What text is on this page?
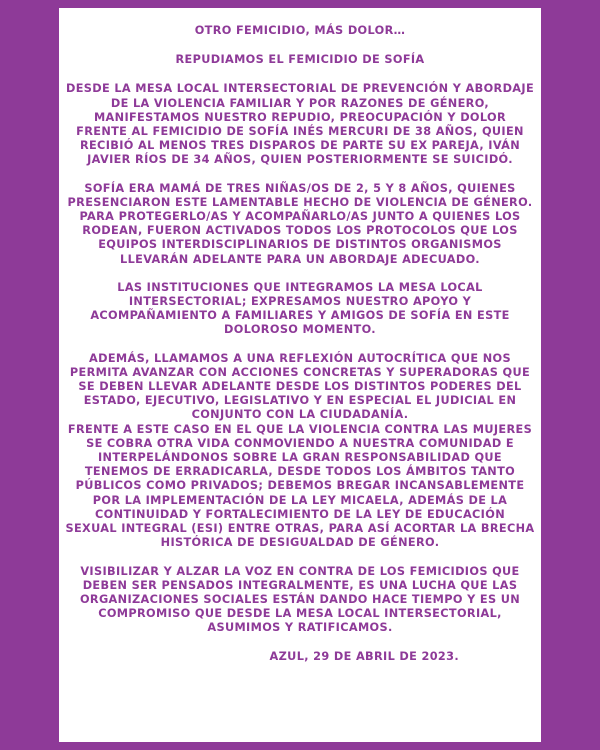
OTRO FEMICIDIO, MÁS DOLOR…

REPUDIAMOS EL FEMICIDIO DE SOFÍA

DESDE LA MESA LOCAL INTERSECTORIAL DE PREVENCIÓN Y ABORDAJE
DE LA VIOLENCIA FAMILIAR Y POR RAZONES DE GÉNERO,
MANIFESTAMOS NUESTRO REPUDIO, PREOCUPACIÓN Y DOLOR
FRENTE AL FEMICIDIO DE SOFÍA INÉS MERCURI DE 38 AÑOS, QUIEN
RECIBIÓ AL MENOS TRES DISPAROS DE PARTE SU EX PAREJA, IVÁN
JAVIER RÍOS DE 34 AÑOS, QUIEN POSTERIORMENTE SE SUICIDÓ.

SOFÍA ERA MAMÁ DE TRES NIÑAS/OS DE 2, 5 Y 8 AÑOS, QUIENES
PRESENCIARON ESTE LAMENTABLE HECHO DE VIOLENCIA DE GÉNERO.
PARA PROTEGERLO/AS Y ACOMPAÑARLO/AS JUNTO A QUIENES LOS
RODEAN, FUERON ACTIVADOS TODOS LOS PROTOCOLOS QUE LOS
EQUIPOS INTERDISCIPLINARIOS DE DISTINTOS ORGANISMOS
LLEVARÁN ADELANTE PARA UN ABORDAJE ADECUADO.

LAS INSTITUCIONES QUE INTEGRAMOS LA MESA LOCAL
INTERSECTORIAL; EXPRESAMOS NUESTRO APOYO Y
ACOMPAÑAMIENTO A FAMILIARES Y AMIGOS DE SOFÍA EN ESTE
DOLOROSO MOMENTO.

ADEMÁS, LLAMAMOS A UNA REFLEXIÓN AUTOCRÍTICA QUE NOS
PERMITA AVANZAR CON ACCIONES CONCRETAS Y SUPERADORAS QUE
SE DEBEN LLEVAR ADELANTE DESDE LOS DISTINTOS PODERES DEL
ESTADO, EJECUTIVO, LEGISLATIVO Y EN ESPECIAL EL JUDICIAL EN
CONJUNTO CON LA CIUDADANÍA.

FRENTE A ESTE CASO EN EL QUE LA VIOLENCIA CONTRA LAS MUJERES
SE COBRA OTRA VIDA CONMOVIENDO A NUESTRA COMUNIDAD E
INTERPELÁNDONOS SOBRE LA GRAN RESPONSABILIDAD QUE
TENEMOS DE ERRADICARLA, DESDE TODOS LOS ÁMBITOS TANTO
PÚBLICOS COMO PRIVADOS; DEBEMOS BREGAR INCANSABLEMENTE
POR LA IMPLEMENTACIÓN DE LA LEY MICAELA, ADEMÁS DE LA
CONTINUIDAD Y FORTALECIMIENTO DE LA LEY DE EDUCACIÓN
SEXUAL INTEGRAL (ESI) ENTRE OTRAS, PARA ASÍ ACORTAR LA BRECHA
HISTÓRICA DE DESIGUALDAD DE GÉNERO.

VISIBILIZAR Y ALZAR LA VOZ EN CONTRA DE LOS FEMICIDIOS QUE
DEBEN SER PENSADOS INTEGRALMENTE, ES UNA LUCHA QUE LAS
ORGANIZACIONES SOCIALES ESTÁN DANDO HACE TIEMPO Y ES UN
COMPROMISO QUE DESDE LA MESA LOCAL INTERSECTORIAL,
ASUMIMOS Y RATIFICAMOS.

AZUL, 29 DE ABRIL DE 2023.
